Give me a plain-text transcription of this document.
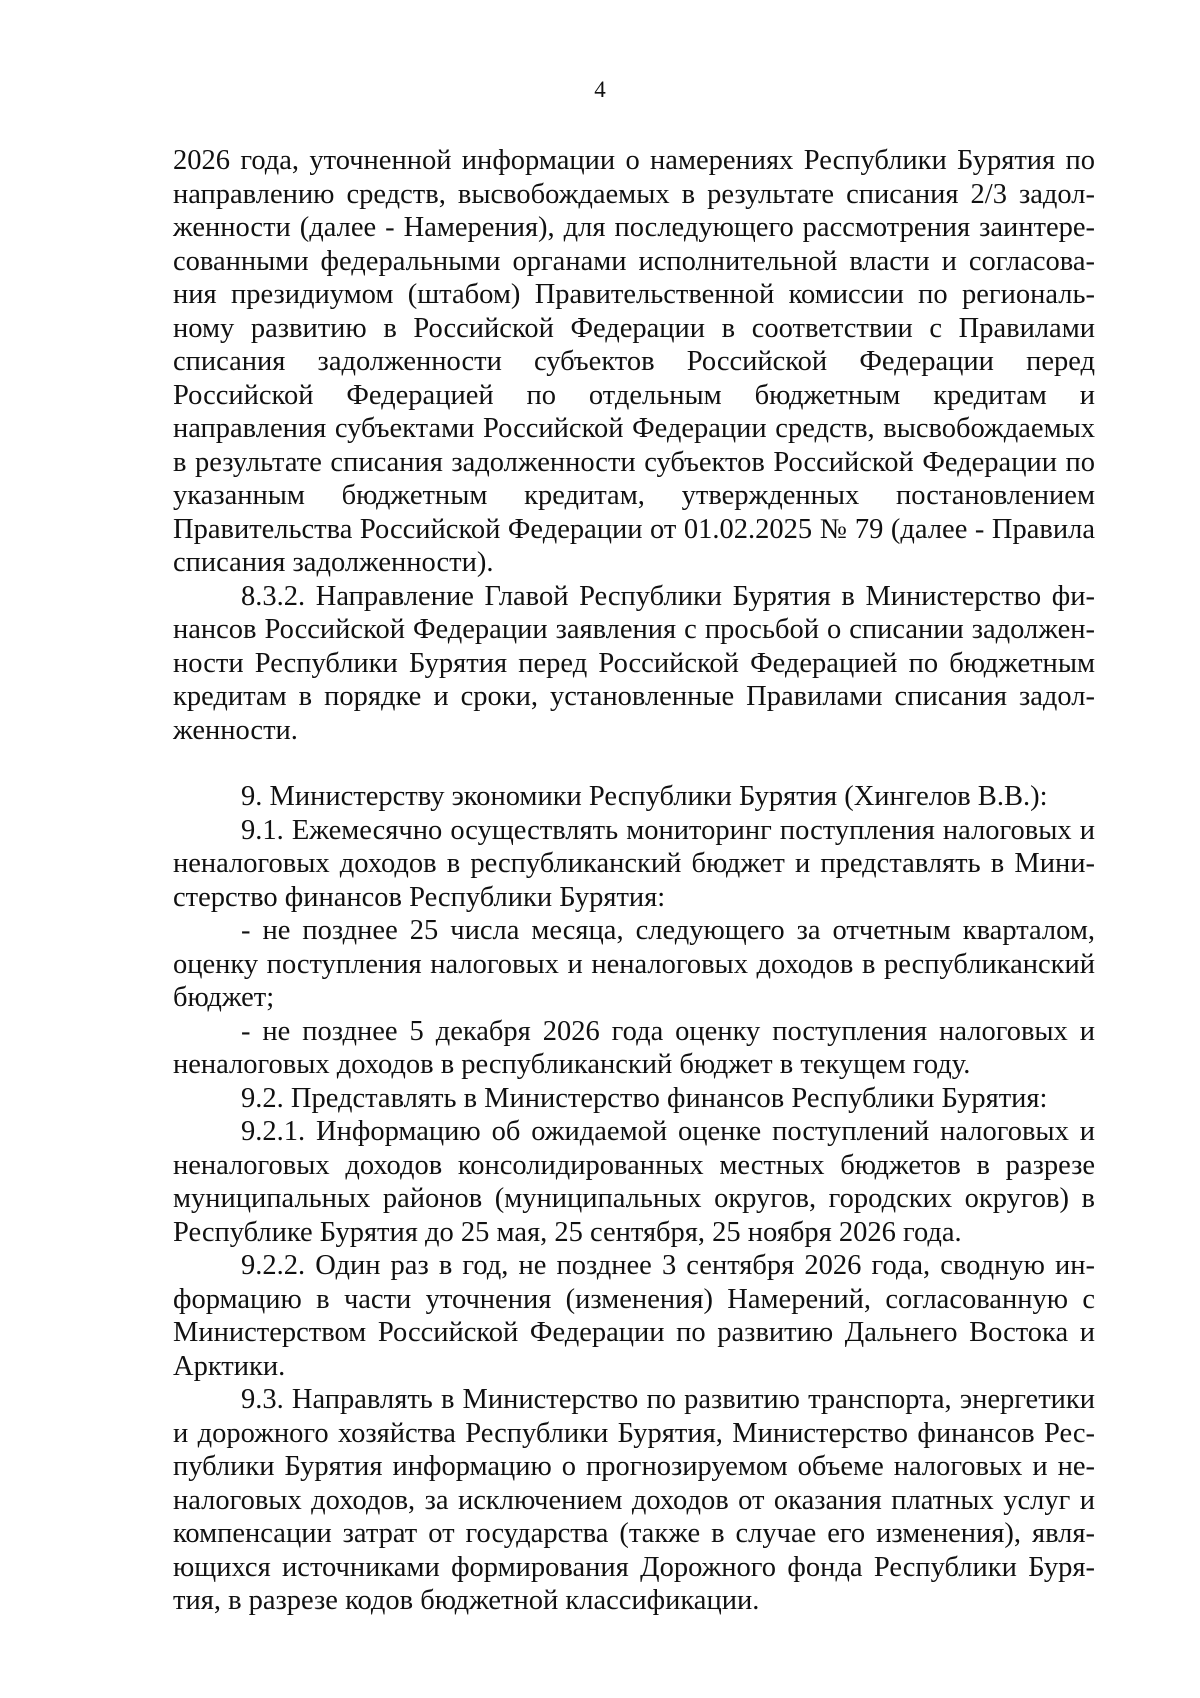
4

2026 года, уточненной информации о намерениях Республики Бурятия по направлению средств, высвобождаемых в результате списания 2/3 задолженности (далее - Намерения), для последующего рассмотрения заинтересованными федеральными органами исполнительной власти и согласования президиумом (штабом) Правительственной комиссии по региональному развитию в Российской Федерации в соответствии с Правилами списания задолженности субъектов Российской Федерации перед Российской Федерацией по отдельным бюджетным кредитам и направления субъектами Российской Федерации средств, высвобождаемых в результате списания задолженности субъектов Российской Федерации по указанным бюджетным кредитам, утвержденных постановлением Правительства Российской Федерации от 01.02.2025 № 79 (далее - Правила списания задолженности).

8.3.2. Направление Главой Республики Бурятия в Министерство финансов Российской Федерации заявления с просьбой о списании задолженности Республики Бурятия перед Российской Федерацией по бюджетным кредитам в порядке и сроки, установленные Правилами списания задолженности.

9. Министерству экономики Республики Бурятия (Хингелов В.В.):

9.1. Ежемесячно осуществлять мониторинг поступления налоговых и неналоговых доходов в республиканский бюджет и представлять в Министерство финансов Республики Бурятия:

- не позднее 25 числа месяца, следующего за отчетным кварталом, оценку поступления налоговых и неналоговых доходов в республиканский бюджет;

- не позднее 5 декабря 2026 года оценку поступления налоговых и неналоговых доходов в республиканский бюджет в текущем году.

9.2. Представлять в Министерство финансов Республики Бурятия:

9.2.1. Информацию об ожидаемой оценке поступлений налоговых и неналоговых доходов консолидированных местных бюджетов в разрезе муниципальных районов (муниципальных округов, городских округов) в Республике Бурятия до 25 мая, 25 сентября, 25 ноября 2026 года.

9.2.2. Один раз в год, не позднее 3 сентября 2026 года, сводную информацию в части уточнения (изменения) Намерений, согласованную с Министерством Российской Федерации по развитию Дальнего Востока и Арктики.

9.3. Направлять в Министерство по развитию транспорта, энергетики и дорожного хозяйства Республики Бурятия, Министерство финансов Республики Бурятия информацию о прогнозируемом объеме налоговых и неналоговых доходов, за исключением доходов от оказания платных услуг и компенсации затрат от государства (также в случае его изменения), являющихся источниками формирования Дорожного фонда Республики Бурятия, в разрезе кодов бюджетной классификации.
